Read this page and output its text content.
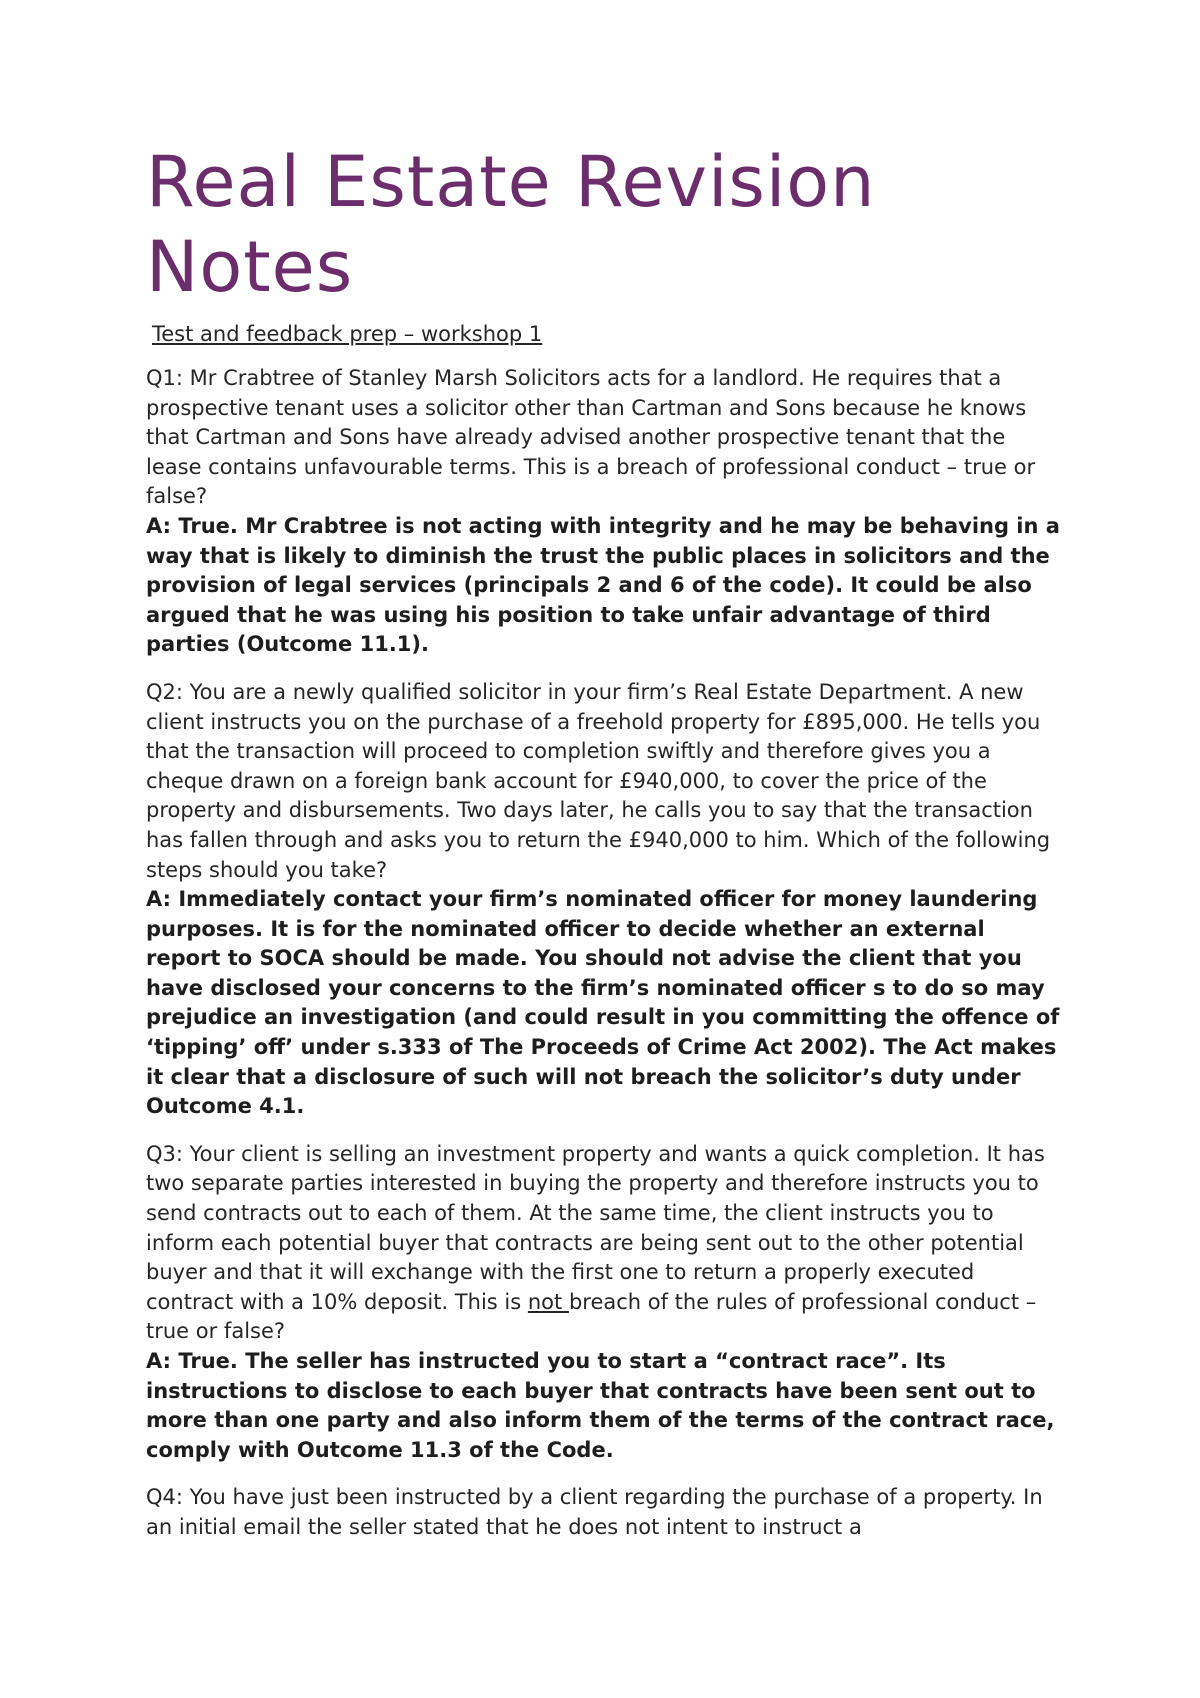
Real Estate Revision Notes
Test and feedback prep – workshop 1

Q1: Mr Crabtree of Stanley Marsh Solicitors acts for a landlord. He requires that a prospective tenant uses a solicitor other than Cartman and Sons because he knows that Cartman and Sons have already advised another prospective tenant that the lease contains unfavourable terms. This is a breach of professional conduct – true or false?

A: True. Mr Crabtree is not acting with integrity and he may be behaving in a way that is likely to diminish the trust the public places in solicitors and the provision of legal services (principals 2 and 6 of the code). It could be also argued that he was using his position to take unfair advantage of third parties (Outcome 11.1).

Q2: You are a newly qualified solicitor in your firm’s Real Estate Department. A new client instructs you on the purchase of a freehold property for £895,000. He tells you that the transaction will proceed to completion swiftly and therefore gives you a cheque drawn on a foreign bank account for £940,000, to cover the price of the property and disbursements. Two days later, he calls you to say that the transaction has fallen through and asks you to return the £940,000 to him. Which of the following steps should you take?

A: Immediately contact your firm’s nominated officer for money laundering purposes. It is for the nominated officer to decide whether an external report to SOCA should be made. You should not advise the client that you have disclosed your concerns to the firm’s nominated officer s to do so may prejudice an investigation (and could result in you committing the offence of ‘tipping’ off’ under s.333 of The Proceeds of Crime Act 2002). The Act makes it clear that a disclosure of such will not breach the solicitor’s duty under Outcome 4.1.

Q3: Your client is selling an investment property and wants a quick completion. It has two separate parties interested in buying the property and therefore instructs you to send contracts out to each of them. At the same time, the client instructs you to inform each potential buyer that contracts are being sent out to the other potential buyer and that it will exchange with the first one to return a properly executed contract with a 10% deposit. This is not breach of the rules of professional conduct – true or false?

A: True. The seller has instructed you to start a “contract race”. Its instructions to disclose to each buyer that contracts have been sent out to more than one party and also inform them of the terms of the contract race, comply with Outcome 11.3 of the Code.

Q4: You have just been instructed by a client regarding the purchase of a property. In an initial email the seller stated that he does not intent to instruct a
